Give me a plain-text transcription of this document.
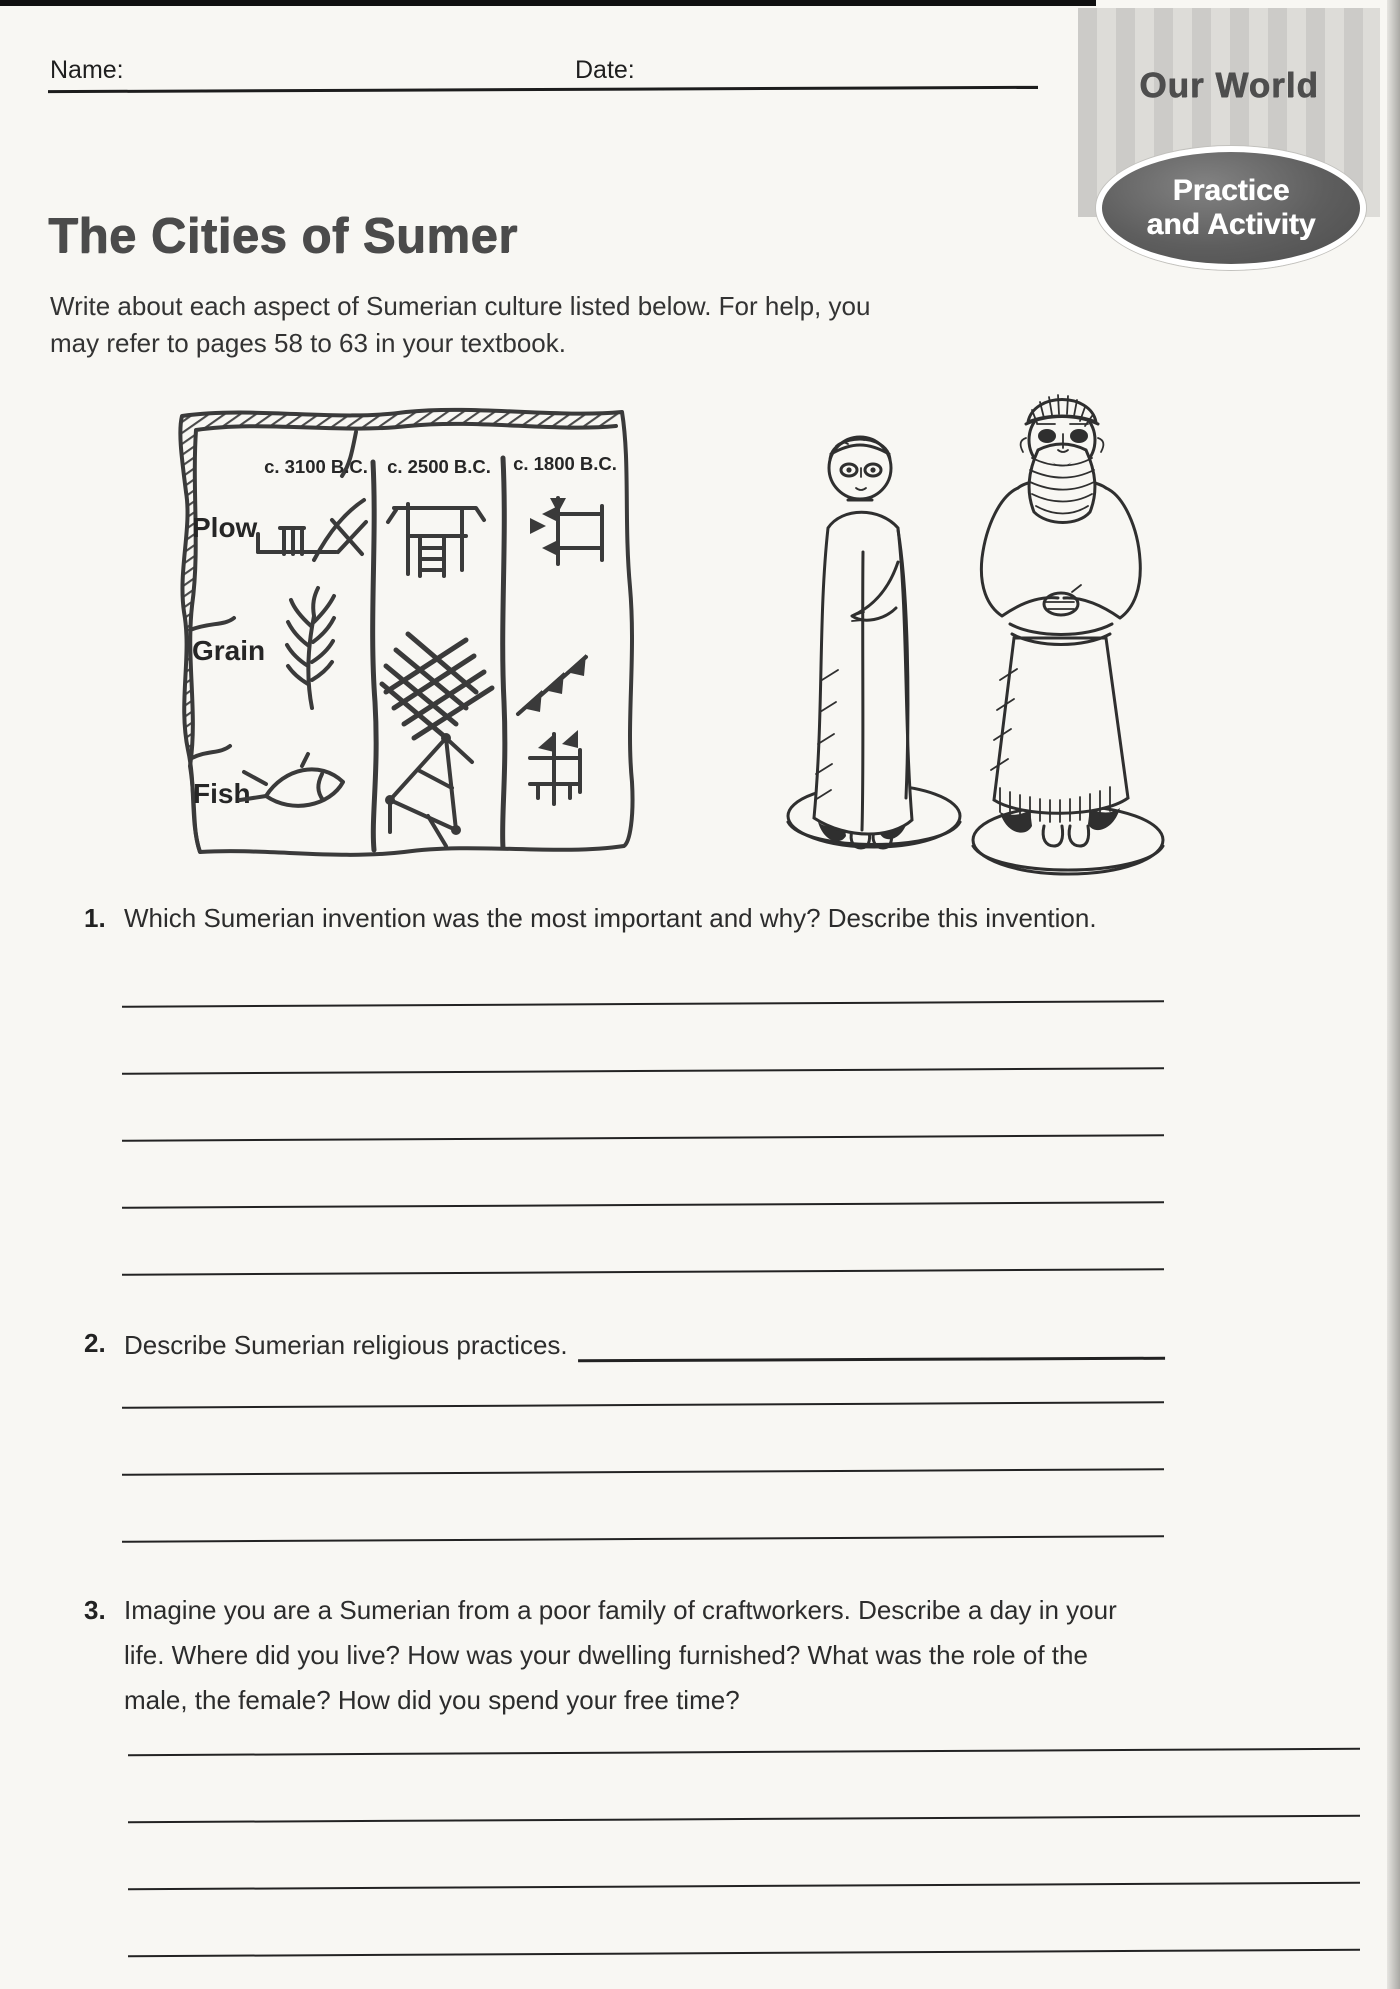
Name:	Date:	Our World
Practice
and Activity
The Cities of Sumer
Write about each aspect of Sumerian culture listed below. For help, you
may refer to pages 58 to 63 in your textbook.
c. 3100 B.C. c. 2500 B.C. c. 1800 B.C.
Plow
Grain
Fish
1. Which Sumerian invention was the most important and why? Describe this invention.
2. Describe Sumerian religious practices.
3. Imagine you are a Sumerian from a poor family of craftworkers. Describe a day in your
life. Where did you live? How was your dwelling furnished? What was the role of the
male, the female? How did you spend your free time?
